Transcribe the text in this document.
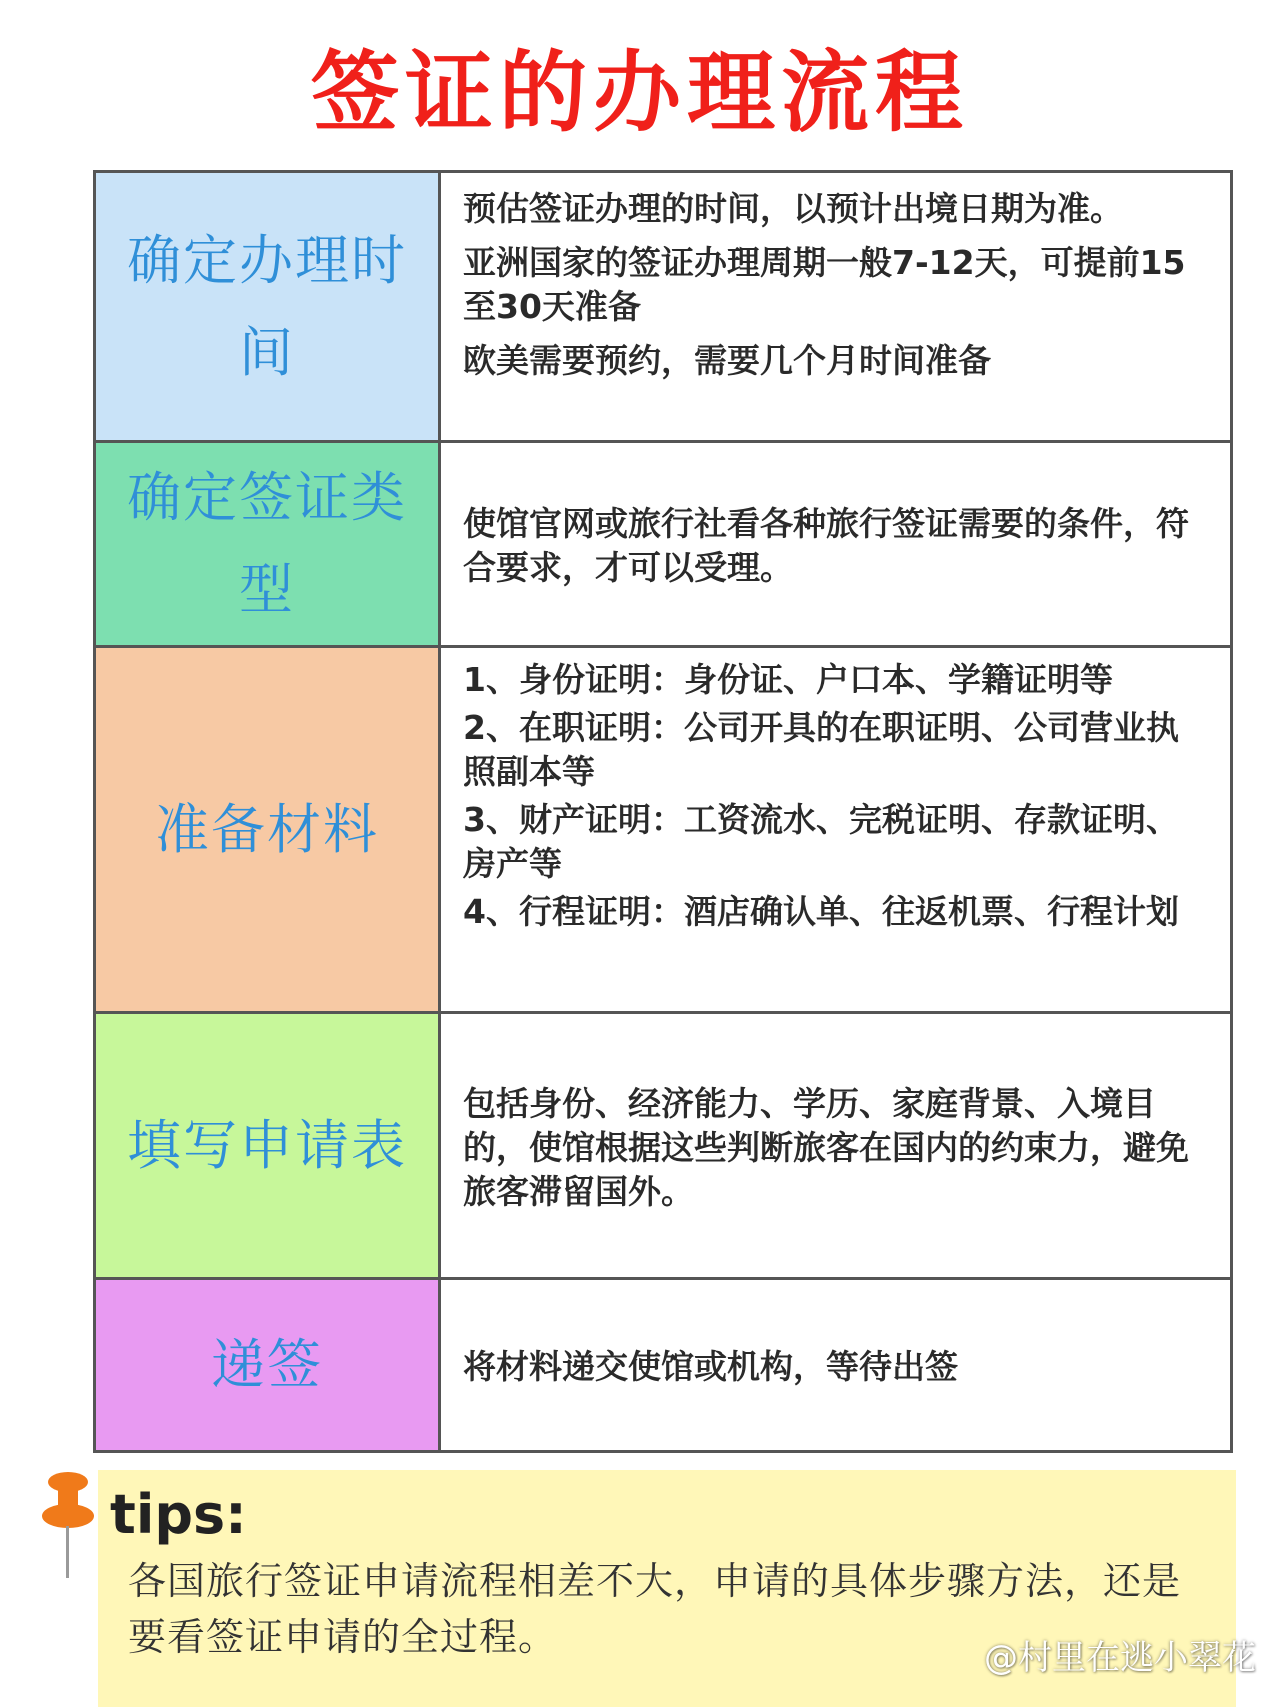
签证的办理流程
确定办理时间

预估签证办理的时间，以预计出境日期为准。

亚洲国家的签证办理周期一般7-12天，可提前15至30天准备

欧美需要预约，需要几个月时间准备

确定签证类型

使馆官网或旅行社看各种旅行签证需要的条件，符合要求，才可以受理。

准备材料

1、身份证明：身份证、户口本、学籍证明等

2、在职证明：公司开具的在职证明、公司营业执照副本等

3、财产证明：工资流水、完税证明、存款证明、房产等

4、行程证明：酒店确认单、往返机票、行程计划

填写申请表

包括身份、经济能力、学历、家庭背景、入境目的，使馆根据这些判断旅客在国内的约束力，避免旅客滞留国外。

递签	将材料递交使馆或机构，等待出签

tips:
各国旅行签证申请流程相差不大，申请的具体步骤方法，还是要看签证申请的全过程。	@村里在逃小翠花
